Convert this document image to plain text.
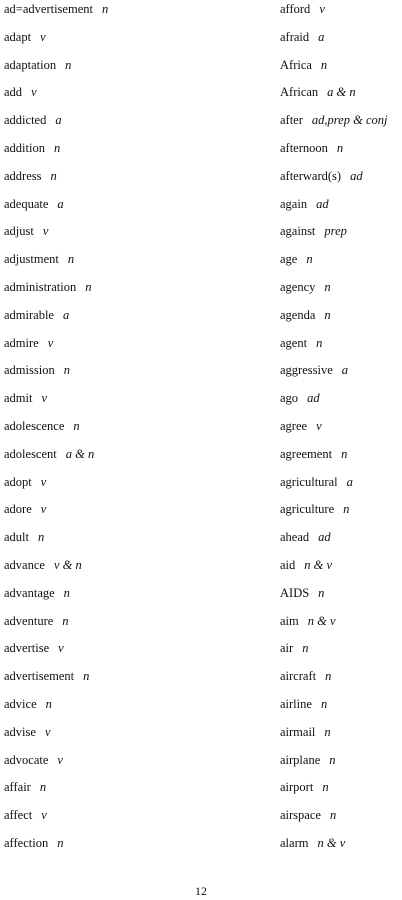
ad=advertisement n
adapt v
adaptation n
add v
addicted a
addition n
address n
adequate a
adjust v
adjustment n
administration n
admirable a
admire v
admission n
admit v
adolescence n
adolescent a & n
adopt v
adore v
adult n
advance v & n
advantage n
adventure n
advertise v
advertisement n
advice n
advise v
advocate v
affair n
affect v
affection n
afford v
afraid a
Africa n
African a & n
after ad,prep & conj
afternoon n
afterward(s) ad
again ad
against prep
age n
agency n
agenda n
agent n
aggressive a
ago ad
agree v
agreement n
agricultural a
agriculture n
ahead ad
aid n & v
AIDS n
aim n & v
air n
aircraft n
airline n
airmail n
airplane n
airport n
airspace n
alarm n & v
12
